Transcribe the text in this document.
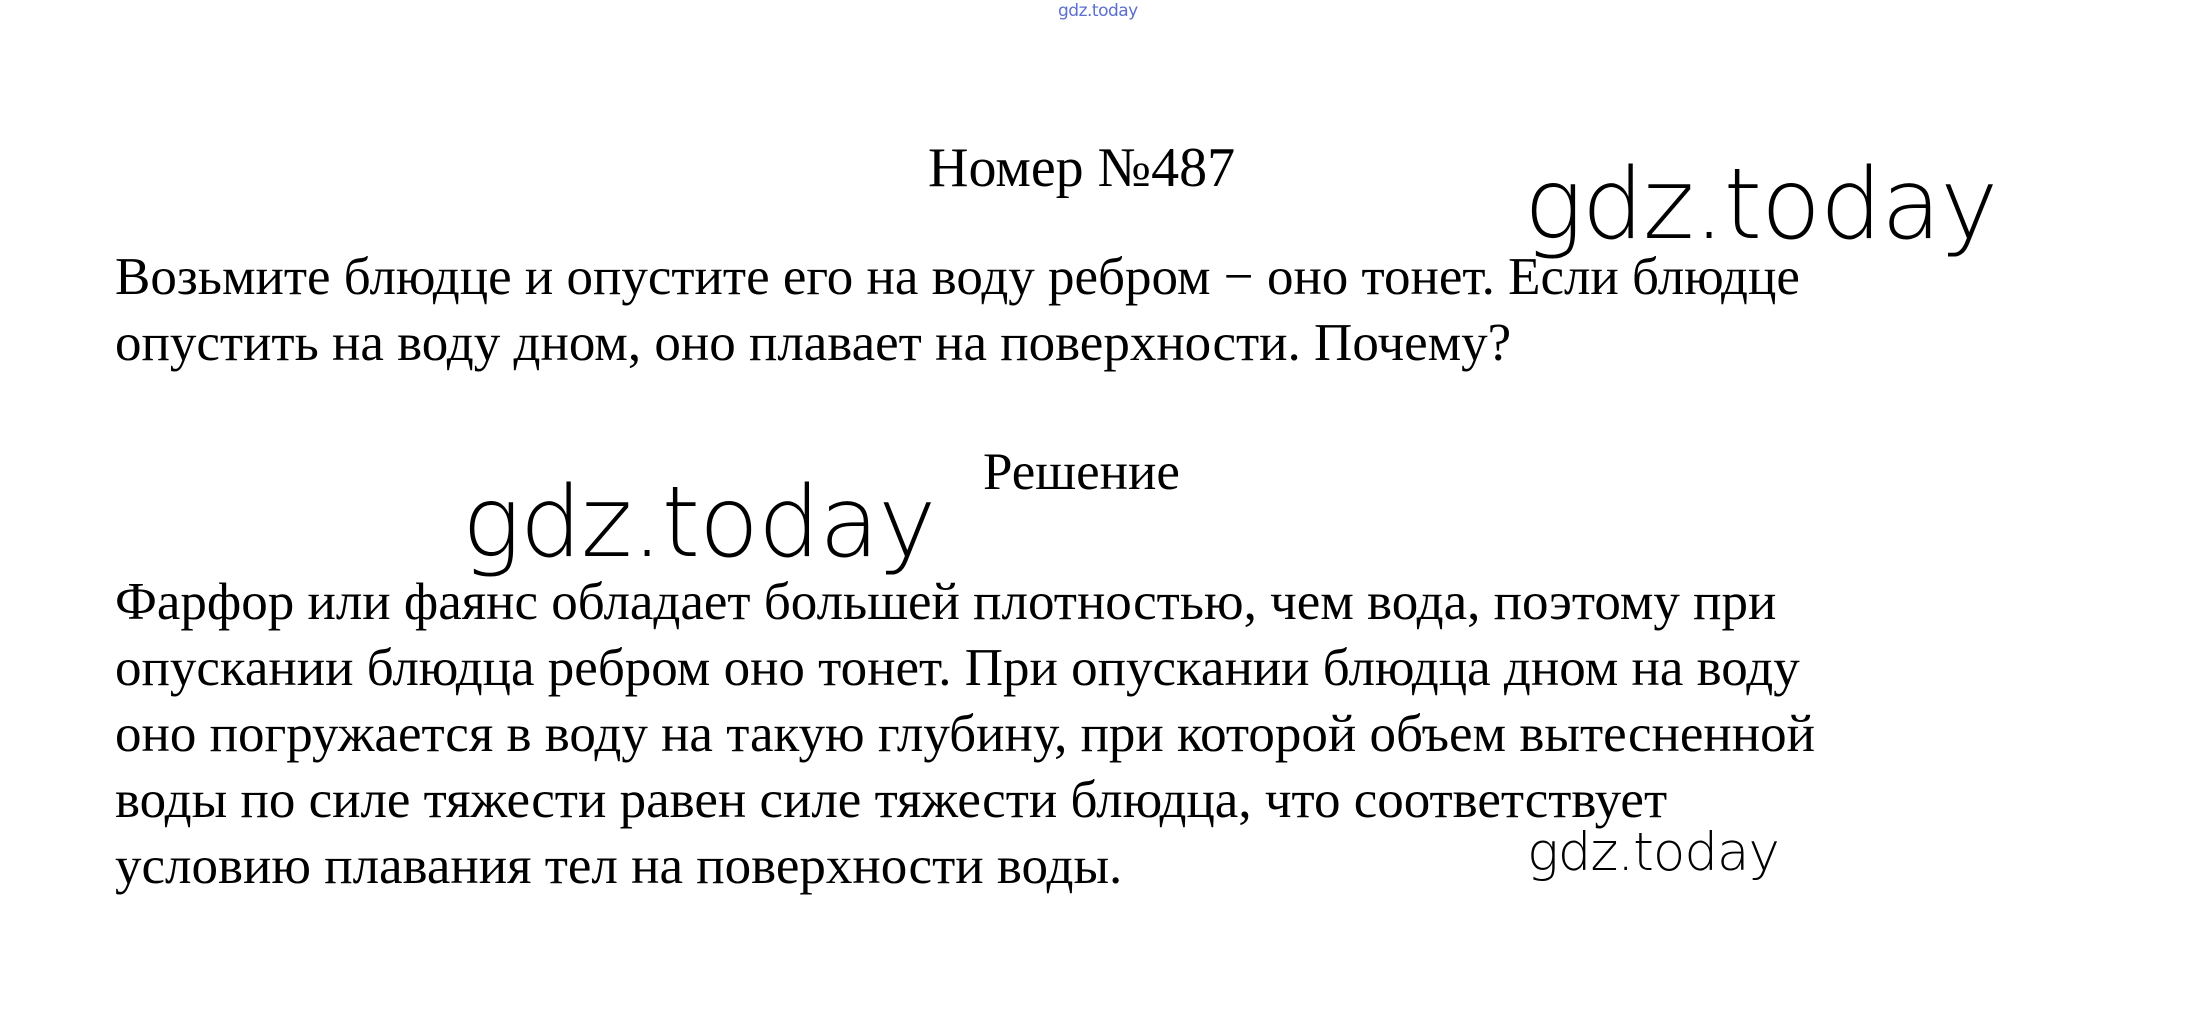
gdz.today
Номер №487	gdz.today
Возьмите блюдце и опустите его на воду ребром − оно тонет. Если блюдце
опустить на воду дном, оно плавает на поверхности. Почему?
Решение
gdz.today
Фарфор или фаянс обладает большей плотностью, чем вода, поэтому при
опускании блюдца ребром оно тонет. При опускании блюдца дном на воду
оно погружается в воду на такую глубину, при которой объем вытесненной
воды по силе тяжести равен силе тяжести блюдца, что соответствует
условию плавания тел на поверхности воды.	gdz.today
